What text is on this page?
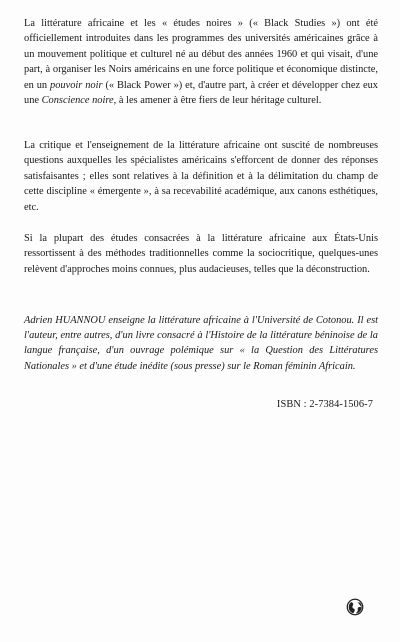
La littérature africaine et les « études noires » (« Black Studies ») ont été officiellement introduites dans les programmes des universités américaines grâce à un mouvement politique et culturel né au début des années 1960 et qui visait, d'une part, à organiser les Noirs américains en une force politique et économique distincte, en un pouvoir noir (« Black Power ») et, d'autre part, à créer et développer chez eux une Conscience noire, à les amener à être fiers de leur héritage culturel.

La critique et l'enseignement de la littérature africaine ont suscité de nombreuses questions auxquelles les spécialistes américains s'efforcent de donner des réponses satisfaisantes ; elles sont relatives à la définition et à la délimitation du champ de cette discipline « émergente », à sa recevabilité académique, aux canons esthétiques, etc.

Si la plupart des études consacrées à la littérature africaine aux États-Unis ressortissent à des méthodes traditionnelles comme la sociocritique, quelques-unes relèvent d'approches moins connues, plus audacieuses, telles que la déconstruction.

Adrien HUANNOU enseigne la littérature africaine à l'Université de Cotonou. Il est l'auteur, entre autres, d'un livre consacré à l'Histoire de la littérature béninoise de la langue française, d'un ouvrage polémique sur « la Question des Littératures Nationales » et d'une étude inédite (sous presse) sur le Roman féminin Africain.

ISBN : 2-7384-1506-7
